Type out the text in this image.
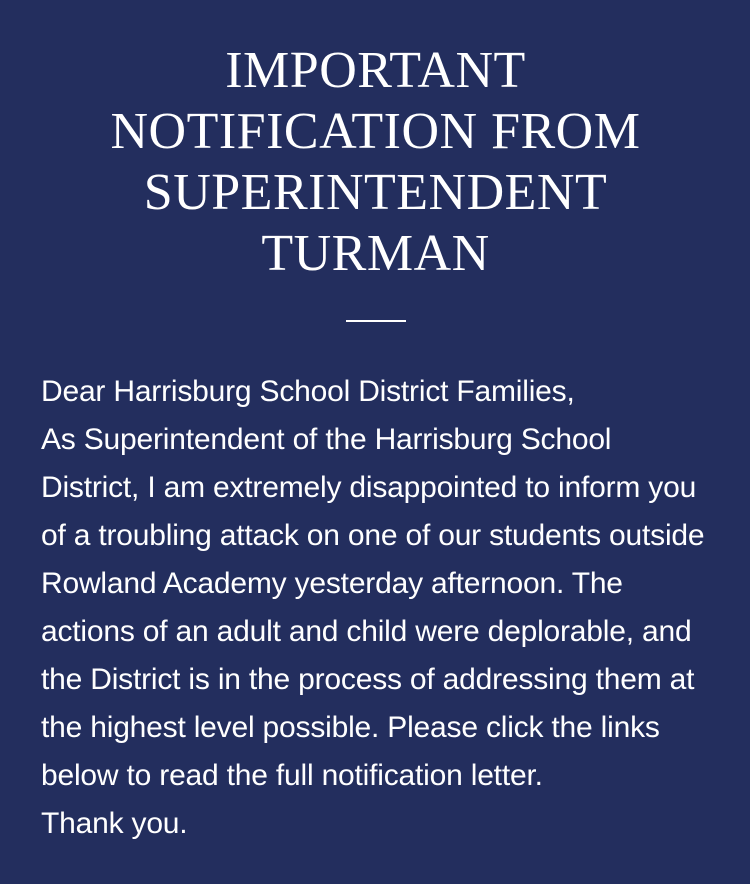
IMPORTANT NOTIFICATION FROM SUPERINTENDENT TURMAN

Dear Harrisburg School District Families,

As Superintendent of the Harrisburg School District, I am extremely disappointed to inform you of a troubling attack on one of our students outside Rowland Academy yesterday afternoon. The actions of an adult and child were deplorable, and the District is in the process of addressing them at the highest level possible. Please click the links below to read the full notification letter.

Thank you.
